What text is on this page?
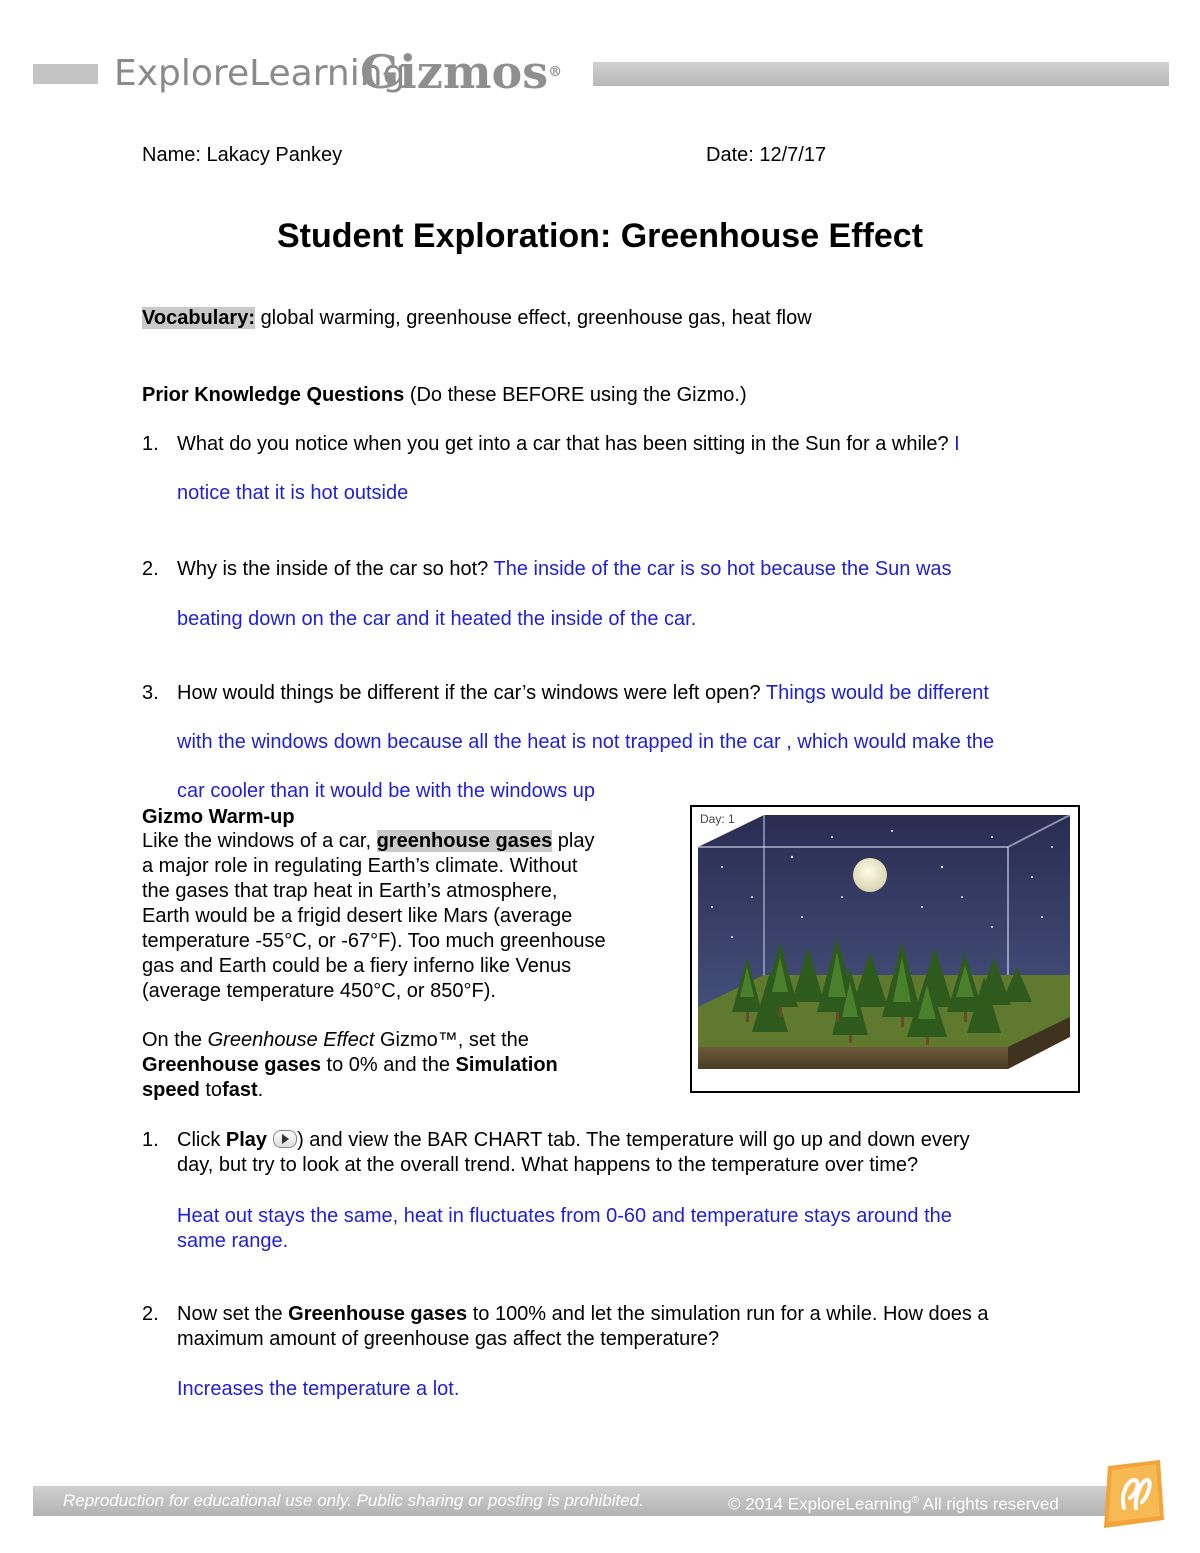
ExploreLearning
Gizmos®
Name: Lakacy Pankey	Date: 12/7/17
Student Exploration: Greenhouse Effect
Vocabulary: global warming, greenhouse effect, greenhouse gas, heat flow
Prior Knowledge Questions (Do these BEFORE using the Gizmo.)
1. What do you notice when you get into a car that has been sitting in the Sun for a while? I
notice that it is hot outside
2. Why is the inside of the car so hot? The inside of the car is so hot because the Sun was
beating down on the car and it heated the inside of the car.
3. How would things be different if the car’s windows were left open? Things would be different
with the windows down because all the heat is not trapped in the car , which would make the
car cooler than it would be with the windows up
Gizmo Warm-up
Like the windows of a car, greenhouse gases play
a major role in regulating Earth’s climate. Without
the gases that trap heat in Earth’s atmosphere,
Earth would be a frigid desert like Mars (average
temperature -55°C, or -67°F). Too much greenhouse
gas and Earth could be a fiery inferno like Venus
(average temperature 450°C, or 850°F).
On the Greenhouse Effect Gizmo™, set the
Greenhouse gases to 0% and the Simulation
speed tofast.
Day: 1
1. Click Play ) and view the BAR CHART tab. The temperature will go up and down every
day, but try to look at the overall trend. What happens to the temperature over time?
Heat out stays the same, heat in fluctuates from 0-60 and temperature stays around the
same range.
2. Now set the Greenhouse gases to 100% and let the simulation run for a while. How does a
maximum amount of greenhouse gas affect the temperature?
Increases the temperature a lot.
Reproduction for educational use only. Public sharing or posting is prohibited.	© 2014 ExploreLearning® All rights reserved
